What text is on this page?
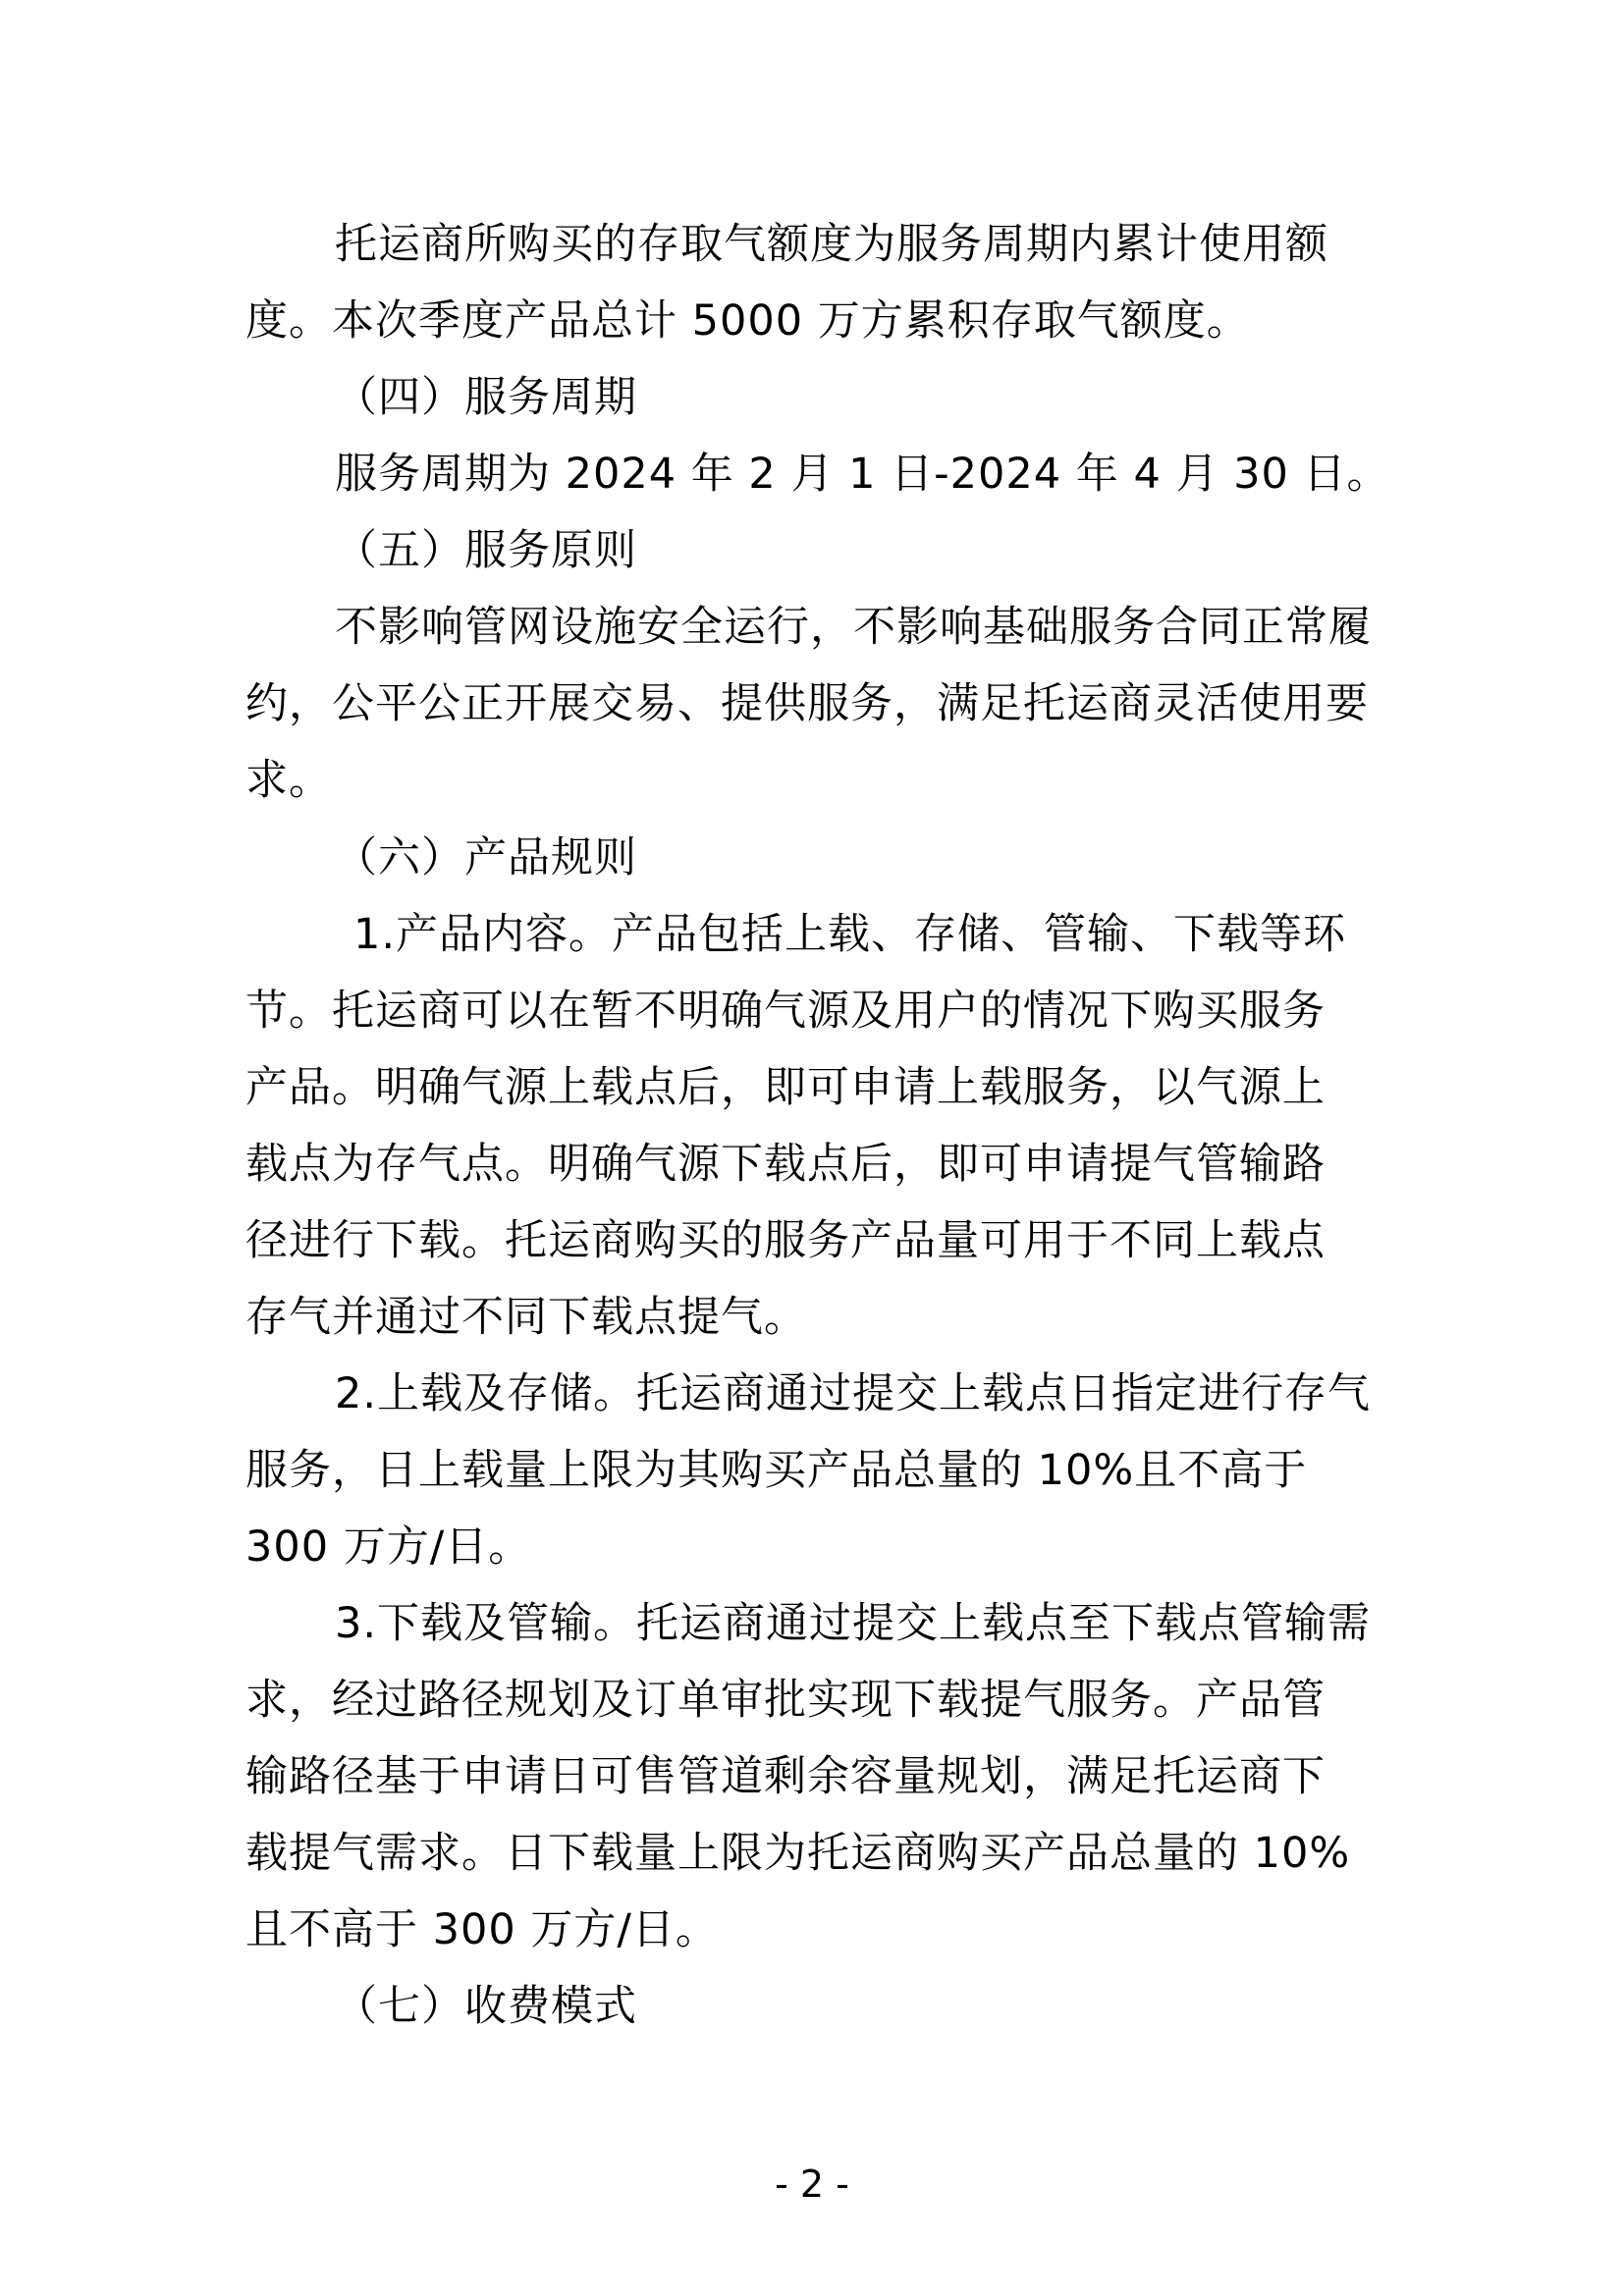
托运商所购买的存取气额度为服务周期内累计使用额
度。本次季度产品总计 5000 万方累积存取气额度。
（四）服务周期
服务周期为 2024 年 2 月 1 日-2024 年 4 月 30 日。
（五）服务原则
不影响管网设施安全运行，不影响基础服务合同正常履
约，公平公正开展交易、提供服务，满足托运商灵活使用要
求。
（六）产品规则
1.产品内容。产品包括上载、存储、管输、下载等环
节。托运商可以在暂不明确气源及用户的情况下购买服务
产品。明确气源上载点后，即可申请上载服务，以气源上
载点为存气点。明确气源下载点后，即可申请提气管输路
径进行下载。托运商购买的服务产品量可用于不同上载点
存气并通过不同下载点提气。
2.上载及存储。托运商通过提交上载点日指定进行存气
服务，日上载量上限为其购买产品总量的 10%且不高于
300 万方/日。
3.下载及管输。托运商通过提交上载点至下载点管输需
求，经过路径规划及订单审批实现下载提气服务。产品管
输路径基于申请日可售管道剩余容量规划，满足托运商下
载提气需求。日下载量上限为托运商购买产品总量的 10%
且不高于 300 万方/日。
（七）收费模式
- 2 -
